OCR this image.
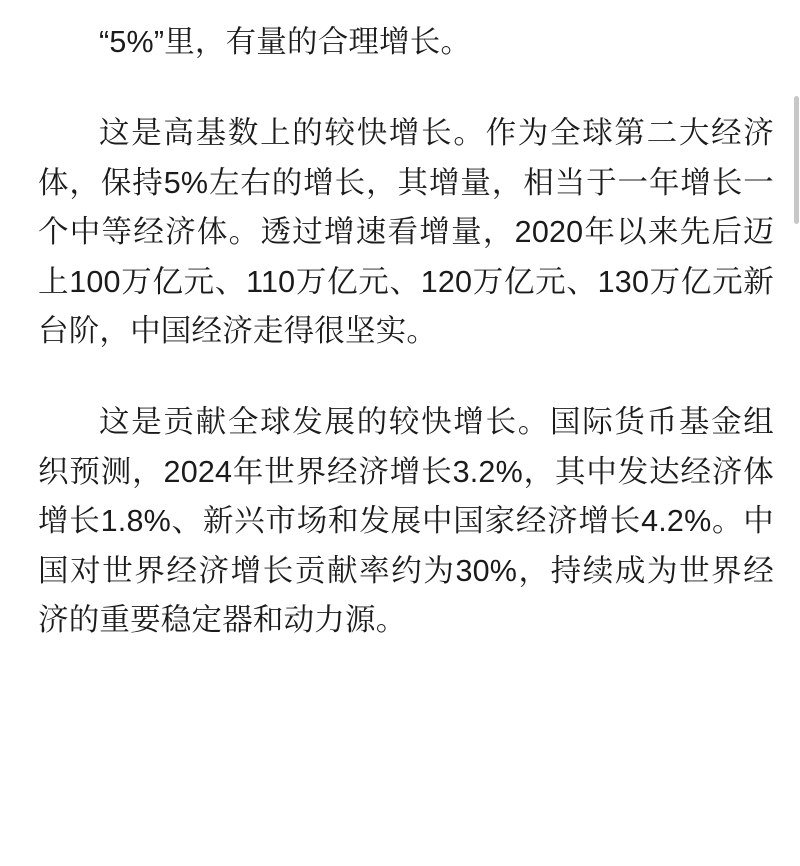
“5%”里，有量的合理增长。

这是高基数上的较快增长。作为全球第二大经济体，保持5%左右的增长，其增量，相当于一年增长一个中等经济体。透过增速看增量，2020年以来先后迈上100万亿元、110万亿元、120万亿元、130万亿元新台阶，中国经济走得很坚实。

这是贡献全球发展的较快增长。国际货币基金组织预测，2024年世界经济增长3.2%，其中发达经济体增长1.8%、新兴市场和发展中国家经济增长4.2%。中国对世界经济增长贡献率约为30%，持续成为世界经济的重要稳定器和动力源。
